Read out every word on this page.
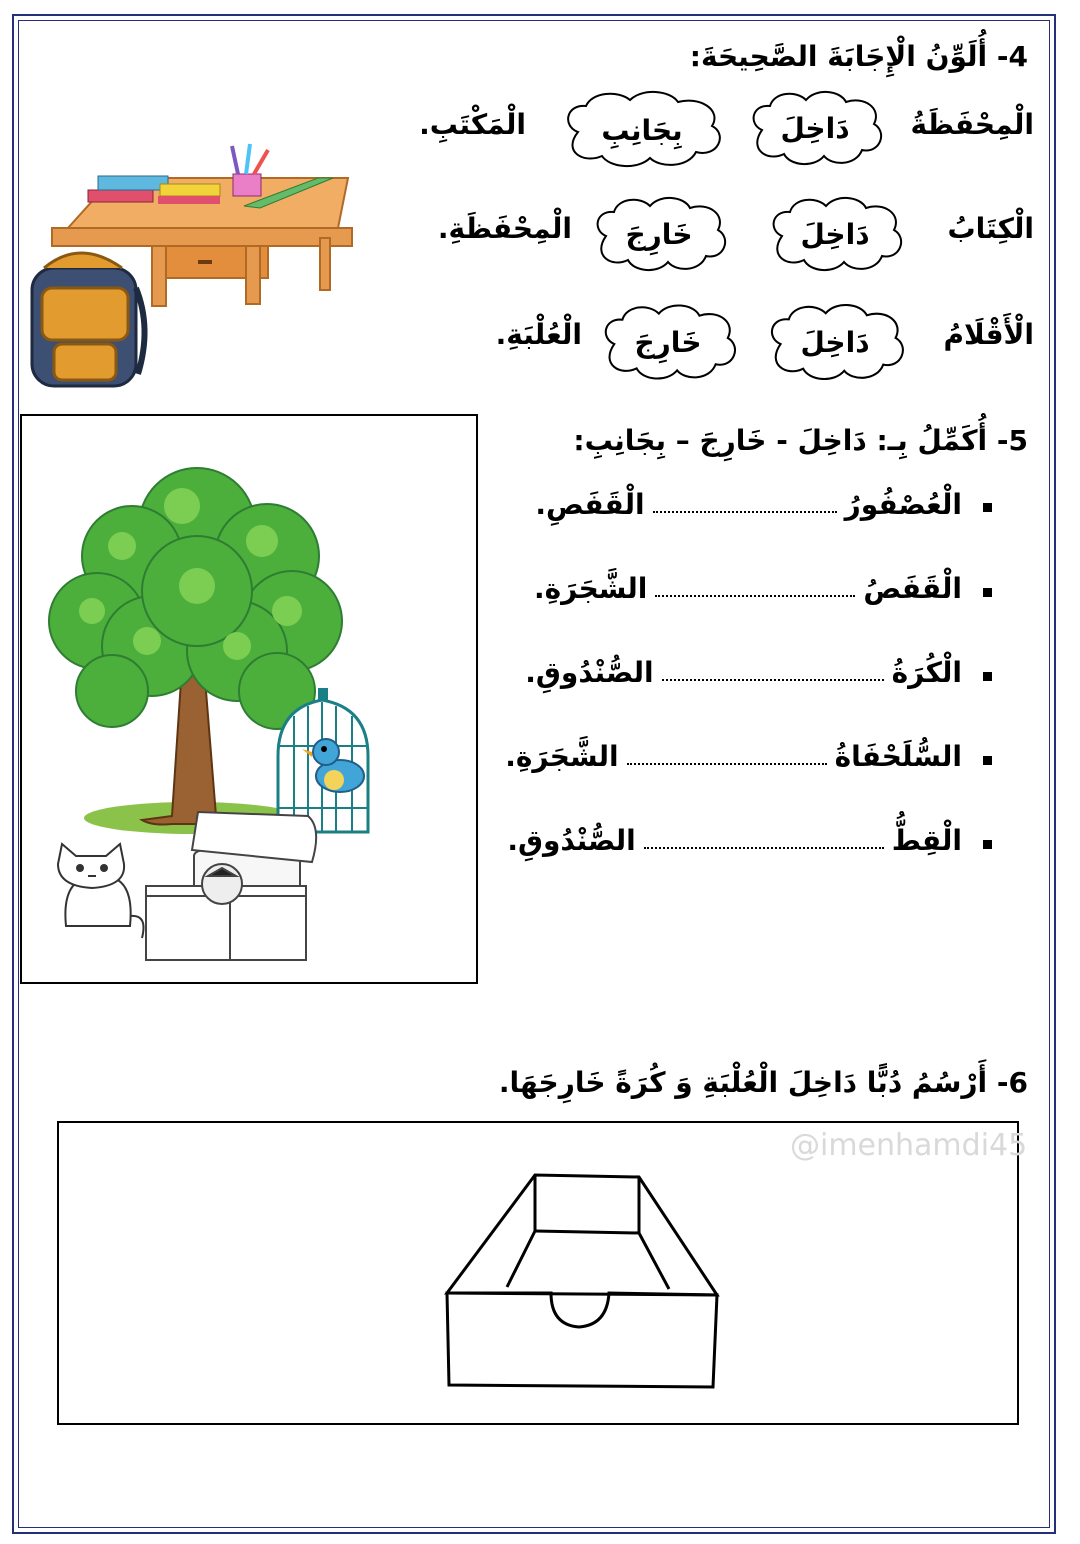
4- أُلَوِّنُ الْإِجَابَةَ الصَّحِيحَةَ:
الْمِحْفَظَةُ
دَاخِلَ
بِجَانِبِ
الْمَكْتَبِ.
الْكِتَابُ
دَاخِلَ
خَارِجَ
الْمِحْفَظَةِ.
الْأَقْلَامُ
دَاخِلَ
خَارِجَ
الْعُلْبَةِ.
5- أُكَمِّلُ بِـ: دَاخِلَ - خَارِجَ – بِجَانِبِ:
الْعُصْفُورُ
الْقَفَصِ.
الْقَفَصُ
الشَّجَرَةِ.
الْكُرَةُ
الصُّنْدُوقِ.
السُّلَحْفَاةُ
الشَّجَرَةِ.
الْقِطُّ
الصُّنْدُوقِ.
6- أَرْسُمُ دُبًّا دَاخِلَ الْعُلْبَةِ وَ كُرَةً خَارِجَهَا.
@imenhamdi45
